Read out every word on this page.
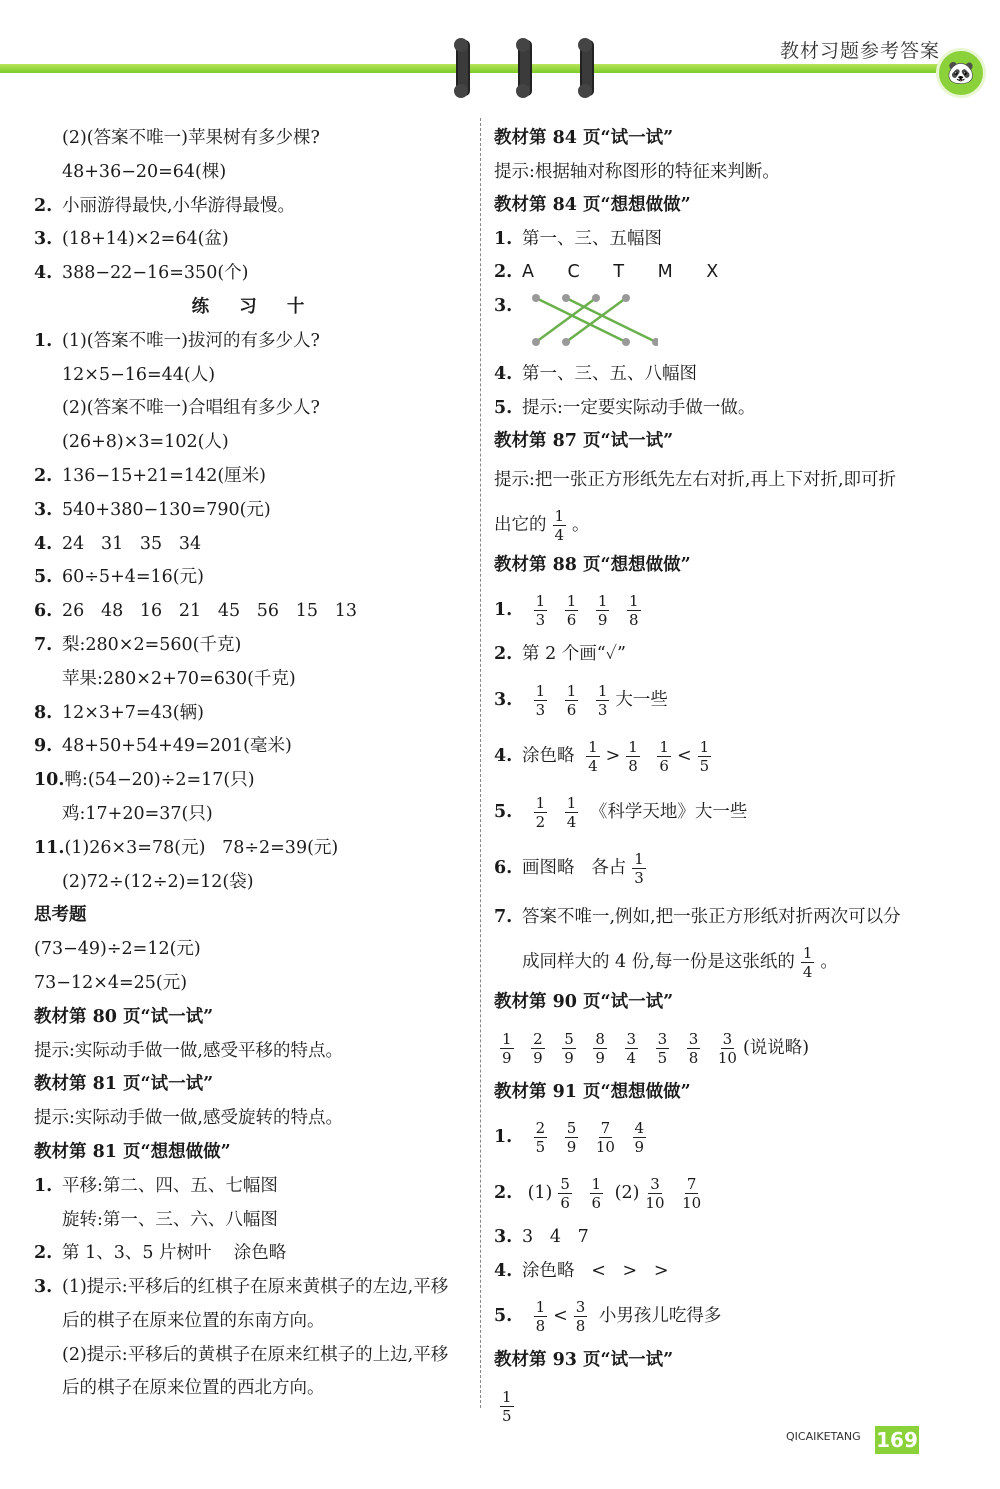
教材习题参考答案
🐼
(2)(答案不唯一)苹果树有多少棵?
48+36−20=64(棵)
2. 小丽游得最快,小华游得最慢。
3. (18+14)×2=64(盆)
4. 388−22−16=350(个)
练 习 十
1. (1)(答案不唯一)拔河的有多少人?
12×5−16=44(人)
(2)(答案不唯一)合唱组有多少人?
(26+8)×3=102(人)
2. 136−15+21=142(厘米)
3. 540+380−130=790(元)
4. 24   31   35   34
5. 60÷5+4=16(元)
6. 26   48   16   21   45   56   15   13
7. 梨:280×2=560(千克)
苹果:280×2+70=630(千克)
8. 12×3+7=43(辆)
9. 48+50+54+49=201(毫米)
10.鸭:(54−20)÷2=17(只)
鸡:17+20=37(只)
11.(1)26×3=78(元)   78÷2=39(元)
(2)72÷(12÷2)=12(袋)
思考题
(73−49)÷2=12(元)
73−12×4=25(元)
教材第 80 页“试一试”
提示:实际动手做一做,感受平移的特点。
教材第 81 页“试一试”
提示:实际动手做一做,感受旋转的特点。
教材第 81 页“想想做做”
1. 平移:第二、四、五、七幅图
旋转:第一、三、六、八幅图
2. 第 1、3、5 片树叶    涂色略
3. (1)提示:平移后的红棋子在原来黄棋子的左边,平移
后的棋子在原来位置的东南方向。
(2)提示:平移后的黄棋子在原来红棋子的上边,平移
后的棋子在原来位置的西北方向。
教材第 84 页“试一试”
提示:根据轴对称图形的特征来判断。
教材第 84 页“想想做做”
1. 第一、三、五幅图
2. A C T M X
3.
4. 第一、三、五、八幅图
5. 提示:一定要实际动手做一做。
教材第 87 页“试一试”
提示:把一张正方形纸先左右对折,再上下对折,即可折
出它的 $\frac{1}{4}$ 。
教材第 88 页“想想做做”
1. $\frac{1}{3}$
$\frac{1}{6}$
$\frac{1}{9}$
$\frac{1}{8}$
2. 第 2 个画“✓”
3. $\frac{1}{3}$
$\frac{1}{6}$
$\frac{1}{3}$ 大一些
4. 涂色略 $\frac{1}{4} > \frac{1}{8}$
$\frac{1}{6} < \frac{1}{5}$
5. $\frac{1}{2}$
$\frac{1}{4}$ 《科学天地》大一些
6. 画图略   各占 $\frac{1}{3}$
7. 答案不唯一,例如,把一张正方形纸对折两次可以分
成同样大的 4 份,每一份是这张纸的 $\frac{1}{4}$ 。
教材第 90 页“试一试”
$\frac{1}{9}$
$\frac{2}{9}$
$\frac{5}{9}$
$\frac{8}{9}$
$\frac{3}{4}$
$\frac{3}{5}$
$\frac{3}{8}$
$\frac{3}{10}$ (说说略)
教材第 91 页“想想做做”
1. $\frac{2}{5}$
$\frac{5}{9}$
$\frac{7}{10}$
$\frac{4}{9}$
2. $(1) \frac{5}{6}$
$\frac{1}{6} (2) \frac{3}{10}$
$\frac{7}{10}$
3. 3   4   7
4. 涂色略   <   >   >
5. $\frac{1}{8} < \frac{3}{8}$ 小男孩儿吃得多
教材第 93 页“试一试”
$\frac{1}{5}$
QICAIKETANG 169
